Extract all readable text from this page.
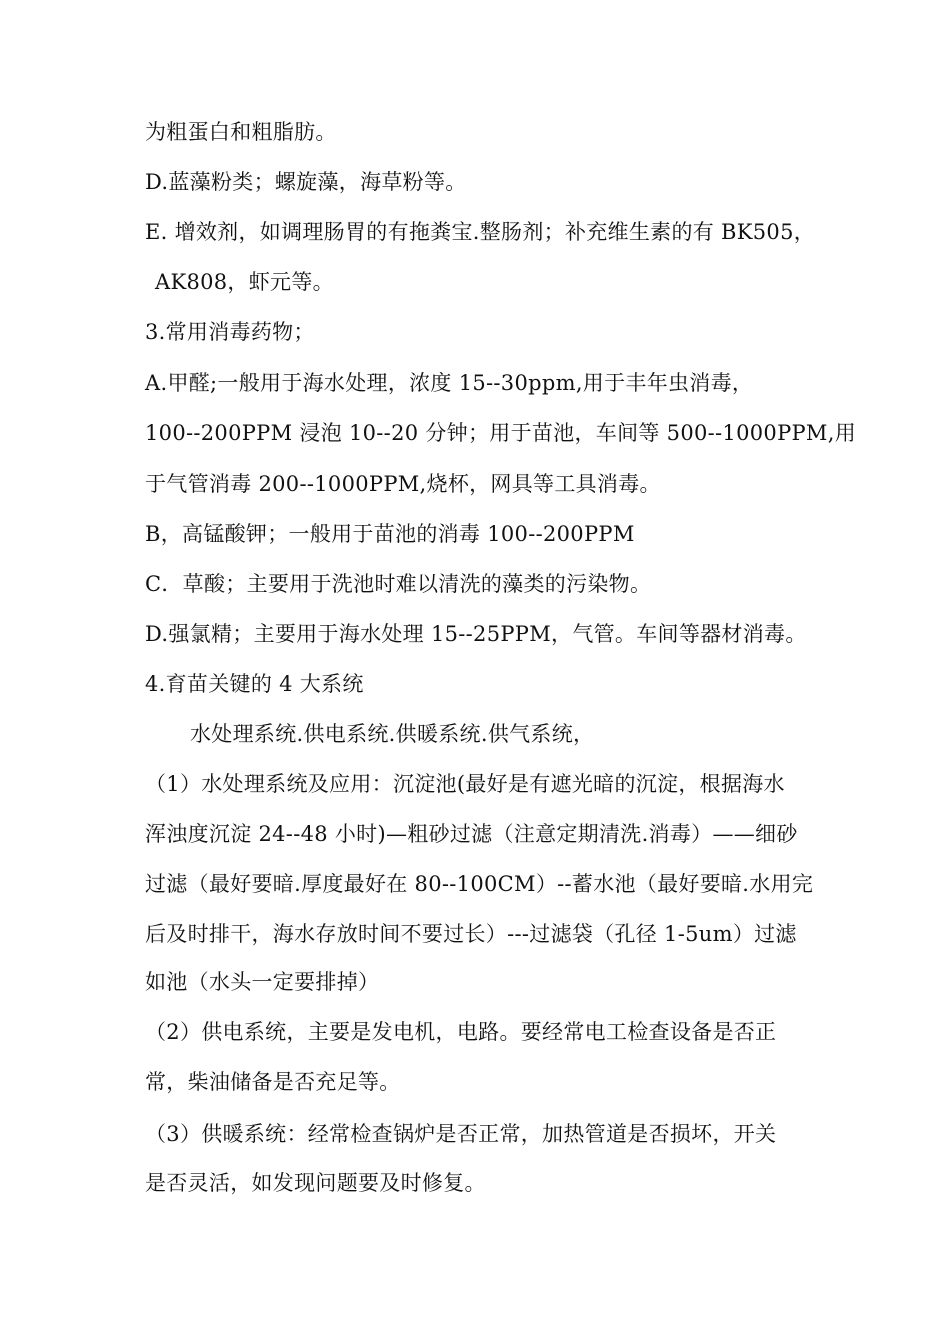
为粗蛋白和粗脂肪。
D.蓝藻粉类；螺旋藻，海草粉等。
E. 增效剂，如调理肠胃的有拖粪宝.整肠剂；补充维生素的有 BK505，
AK808，虾元等。
3.常用消毒药物；
A.甲醛;一般用于海水处理，浓度 15--30ppm,用于丰年虫消毒，
100--200PPM 浸泡 10--20 分钟；用于苗池，车间等 500--1000PPM,用
于气管消毒 200--1000PPM,烧杯，网具等工具消毒。
B，高锰酸钾；一般用于苗池的消毒 100--200PPM
C．草酸；主要用于洗池时难以清洗的藻类的污染物。
D.强氯精；主要用于海水处理 15--25PPM，气管。车间等器材消毒。
4.育苗关键的 4 大系统
水处理系统.供电系统.供暖系统.供气系统，
（1）水处理系统及应用：沉淀池(最好是有遮光暗的沉淀，根据海水
浑浊度沉淀 24--48 小时)—粗砂过滤（注意定期清洗.消毒）——细砂
过滤（最好要暗.厚度最好在 80--100CM）--蓄水池（最好要暗.水用完
后及时排干，海水存放时间不要过长）---过滤袋（孔径 1-5um）过滤
如池（水头一定要排掉）
（2）供电系统，主要是发电机，电路。要经常电工检查设备是否正
常，柴油储备是否充足等。
（3）供暖系统：经常检查锅炉是否正常，加热管道是否损坏，开关
是否灵活，如发现问题要及时修复。
